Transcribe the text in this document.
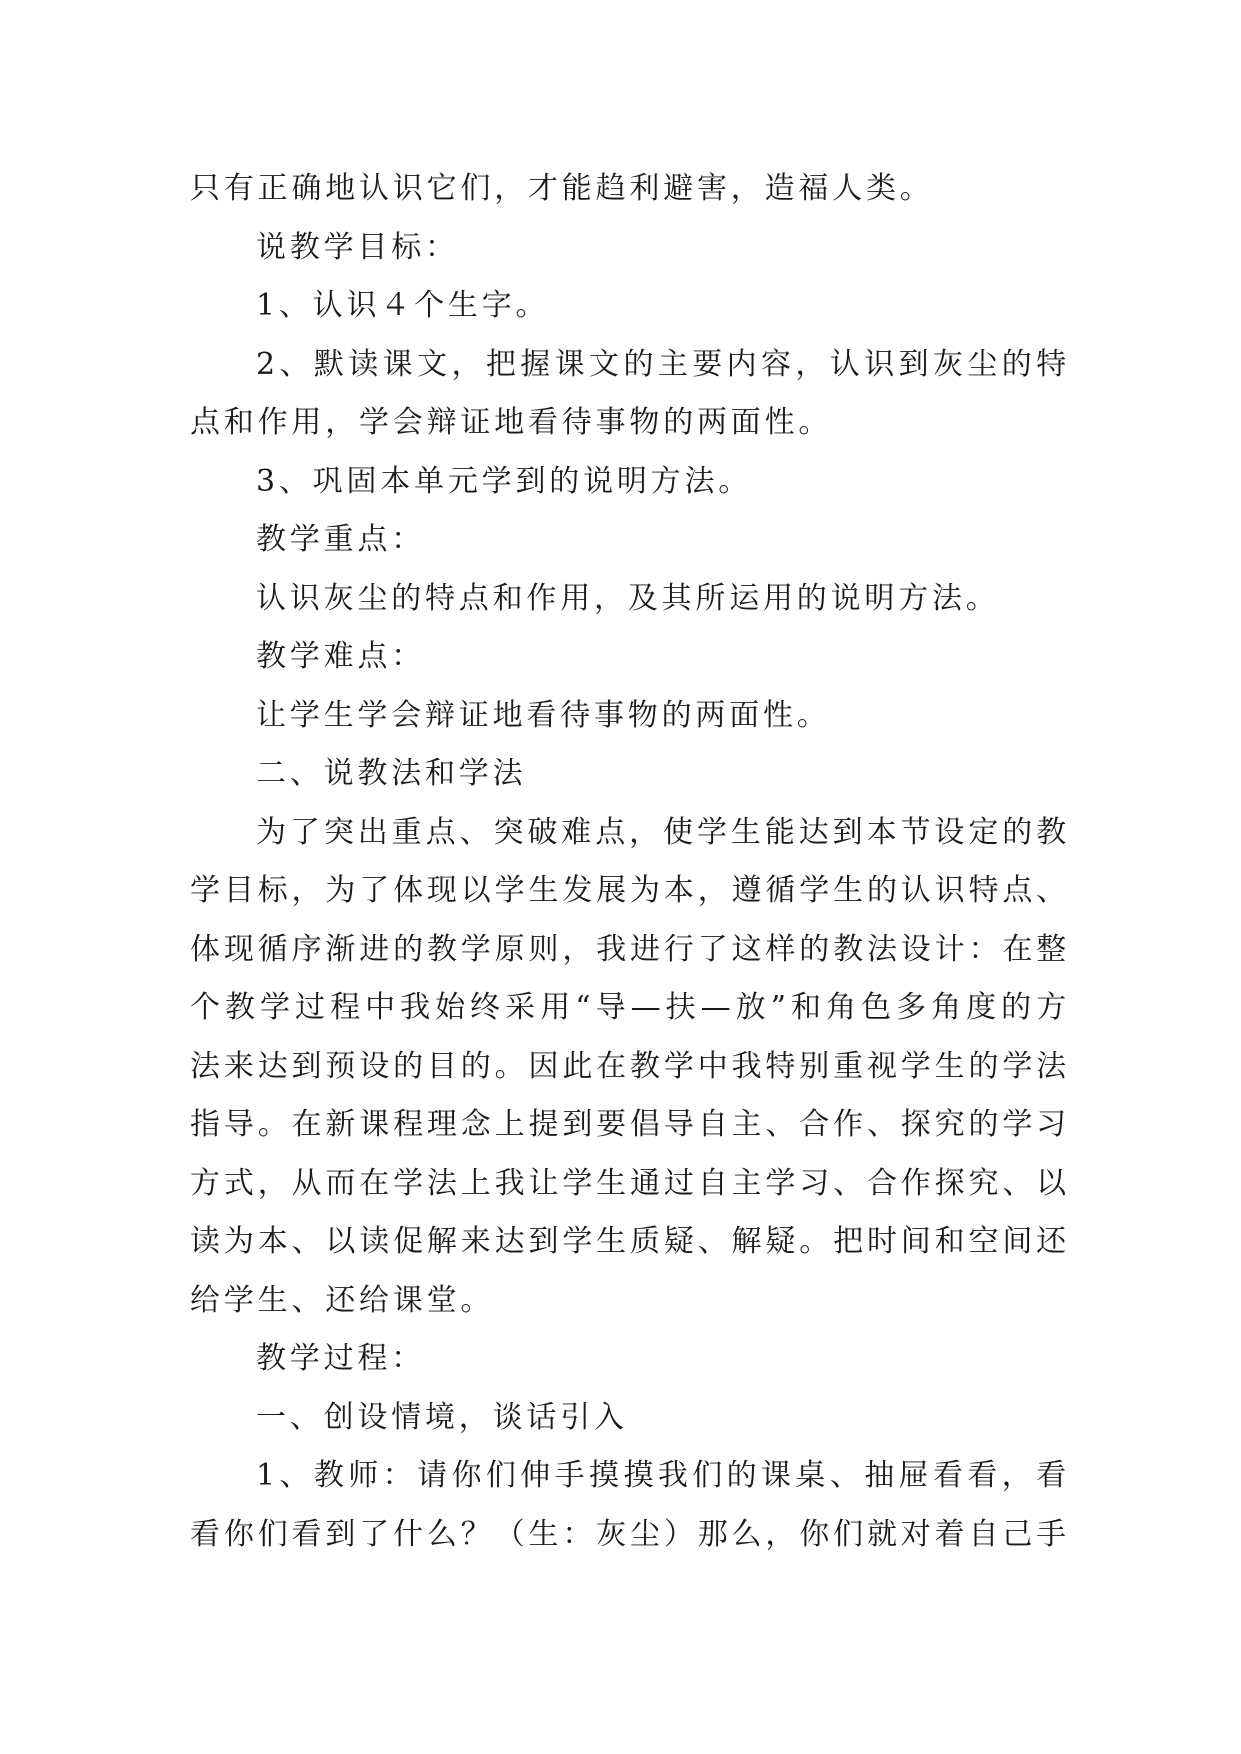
只有正确地认识它们，才能趋利避害，造福人类。
说教学目标：
1、认识４个生字。
2、默读课文，把握课文的主要内容，认识到灰尘的特
点和作用，学会辩证地看待事物的两面性。
3、巩固本单元学到的说明方法。
教学重点：
认识灰尘的特点和作用，及其所运用的说明方法。
教学难点：
让学生学会辩证地看待事物的两面性。
二、说教法和学法
为了突出重点、突破难点，使学生能达到本节设定的教
学目标，为了体现以学生发展为本，遵循学生的认识特点、
体现循序渐进的教学原则，我进行了这样的教法设计：在整
个教学过程中我始终采用“导—扶—放”和角色多角度的方
法来达到预设的目的。因此在教学中我特别重视学生的学法
指导。在新课程理念上提到要倡导自主、合作、探究的学习
方式，从而在学法上我让学生通过自主学习、合作探究、以
读为本、以读促解来达到学生质疑、解疑。把时间和空间还
给学生、还给课堂。
教学过程：
一、创设情境，谈话引入
1、教师：请你们伸手摸摸我们的课桌、抽屉看看，看
看你们看到了什么？（生：灰尘）那么，你们就对着自己手
